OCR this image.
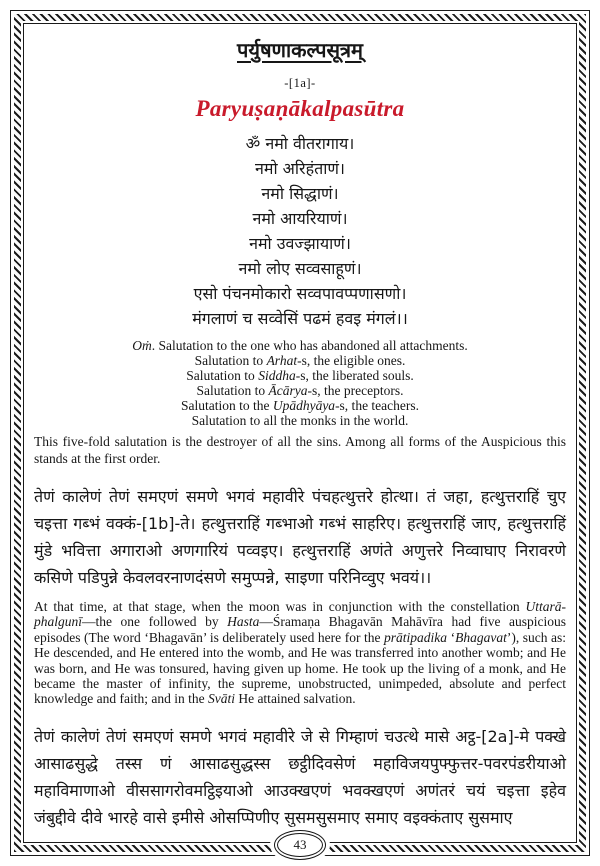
पर्युषणाकल्पसूत्रम्
-[1a]-
Paryuṣaṇākalpasūtra
ॐ नमो वीतरागाय।
नमो अरिहंताणं।
नमो सिद्धाणं।
नमो आयरियाणं।
नमो उवज्झायाणं।
नमो लोए सव्वसाहूणं।
एसो पंचनमोकारो सव्वपावप्पणासणो।
मंगलाणं च सव्वेसिं पढमं हवइ मंगलं।।
Oṁ. Salutation to the one who has abandoned all attachments.
Salutation to Arhat-s, the eligible ones.
Salutation to Siddha-s, the liberated souls.
Salutation to Ācārya-s, the preceptors.
Salutation to the Upādhyāya-s, the teachers.
Salutation to all the monks in the world.

This five-fold salutation is the destroyer of all the sins. Among all forms of the Auspicious this stands at the first order.

तेणं कालेणं तेणं समएणं समणे भगवं महावीरे पंचहत्थुत्तरे होत्था। तं जहा, हत्थुत्तराहिं चुए चइत्ता गब्भं वक्कं-[1b]-ते। हत्थुत्तराहिं गब्भाओ गब्भं साहरिए। हत्थुत्तराहिं जाए, हत्थुत्तराहिं मुंडे भवित्ता अगाराओ अणगारियं पव्वइए। हत्थुत्तराहिं अणंते अणुत्तरे निव्वाघाए निरावरणे कसिणे पडिपुन्ने केवलवरनाणदंसणे समुप्पन्ने, साइणा परिनिव्वुए भवयं।।

At that time, at that stage, when the moon was in conjunction with the constellation Uttarā-phalgunī—the one followed by Hasta—Śramaṇa Bhagavān Mahāvīra had five auspicious episodes (The word ‘Bhagavān’ is deliberately used here for the prātipadika ‘Bhagavat’), such as: He descended, and He entered into the womb, and He was transferred into another womb; and He was born, and He was tonsured, having given up home. He took up the living of a monk, and He became the master of infinity, the supreme, unobstructed, unimpeded, absolute and perfect knowledge and faith; and in the Svāti He attained salvation.

तेणं कालेणं तेणं समएणं समणे भगवं महावीरे जे से गिम्हाणं चउत्थे मासे अट्ठ-[2a]-मे पक्खे आसाढसुद्धे तस्स णं आसाढसुद्धस्स छट्ठीदिवसेणं महाविजयपुफ्फुत्तर-पवरपंडरीयाओ महाविमाणाओ वीससागरोवमट्ठिइयाओ आउक्खएणं भवक्खएणं अणंतरं चयं चइत्ता इहेव जंबुद्दीवे दीवे भारहे वासे इमीसे ओसप्पिणीए सुसमसुसमाए समाए वइक्कंताए सुसमाए

43
